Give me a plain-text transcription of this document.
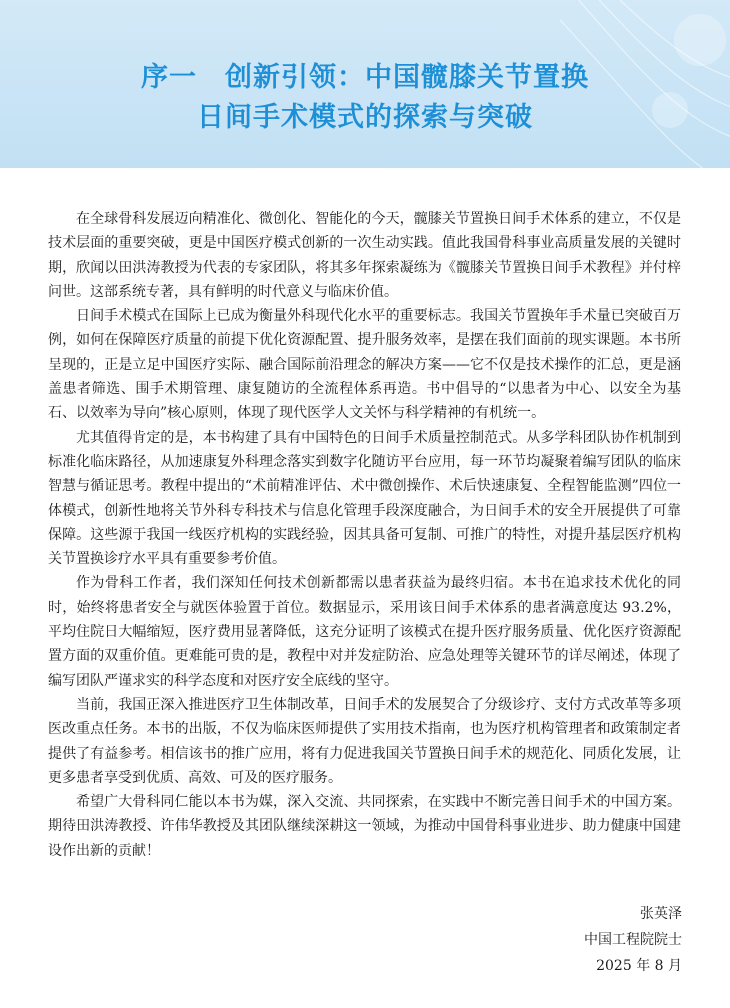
序一　创新引领：中国髋膝关节置换
日间手术模式的探索与突破

在全球骨科发展迈向精准化、微创化、智能化的今天，髋膝关节置换日间手术体系的建立，不仅是技术层面的重要突破，更是中国医疗模式创新的一次生动实践。值此我国骨科事业高质量发展的关键时期，欣闻以田洪涛教授为代表的专家团队，将其多年探索凝练为《髋膝关节置换日间手术教程》并付梓问世。这部系统专著，具有鲜明的时代意义与临床价值。

日间手术模式在国际上已成为衡量外科现代化水平的重要标志。我国关节置换年手术量已突破百万例，如何在保障医疗质量的前提下优化资源配置、提升服务效率，是摆在我们面前的现实课题。本书所呈现的，正是立足中国医疗实际、融合国际前沿理念的解决方案——它不仅是技术操作的汇总，更是涵盖患者筛选、围手术期管理、康复随访的全流程体系再造。书中倡导的“以患者为中心、以安全为基石、以效率为导向”核心原则，体现了现代医学人文关怀与科学精神的有机统一。

尤其值得肯定的是，本书构建了具有中国特色的日间手术质量控制范式。从多学科团队协作机制到标准化临床路径，从加速康复外科理念落实到数字化随访平台应用，每一环节均凝聚着编写团队的临床智慧与循证思考。教程中提出的“术前精准评估、术中微创操作、术后快速康复、全程智能监测”四位一体模式，创新性地将关节外科专科技术与信息化管理手段深度融合，为日间手术的安全开展提供了可靠保障。这些源于我国一线医疗机构的实践经验，因其具备可复制、可推广的特性，对提升基层医疗机构关节置换诊疗水平具有重要参考价值。

作为骨科工作者，我们深知任何技术创新都需以患者获益为最终归宿。本书在追求技术优化的同时，始终将患者安全与就医体验置于首位。数据显示，采用该日间手术体系的患者满意度达 93.2%，平均住院日大幅缩短，医疗费用显著降低，这充分证明了该模式在提升医疗服务质量、优化医疗资源配置方面的双重价值。更难能可贵的是，教程中对并发症防治、应急处理等关键环节的详尽阐述，体现了编写团队严谨求实的科学态度和对医疗安全底线的坚守。

当前，我国正深入推进医疗卫生体制改革，日间手术的发展契合了分级诊疗、支付方式改革等多项医改重点任务。本书的出版，不仅为临床医师提供了实用技术指南，也为医疗机构管理者和政策制定者提供了有益参考。相信该书的推广应用，将有力促进我国关节置换日间手术的规范化、同质化发展，让更多患者享受到优质、高效、可及的医疗服务。

希望广大骨科同仁能以本书为媒，深入交流、共同探索，在实践中不断完善日间手术的中国方案。期待田洪涛教授、许伟华教授及其团队继续深耕这一领域，为推动中国骨科事业进步、助力健康中国建设作出新的贡献！

张英泽
中国工程院院士
2025 年 8 月
